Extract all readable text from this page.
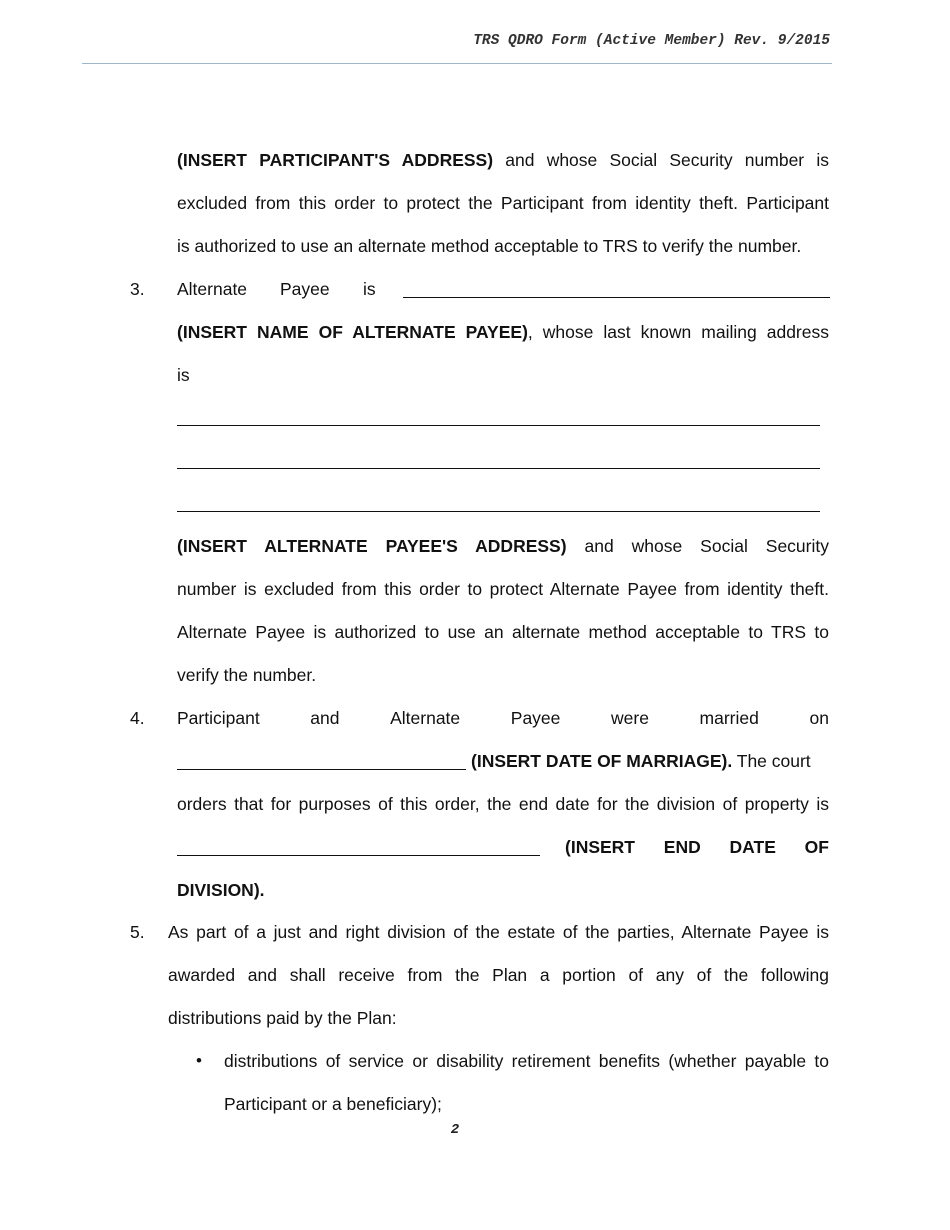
TRS QDRO Form (Active Member) Rev. 9/2015
(INSERT PARTICIPANT'S ADDRESS) and whose Social Security number is
excluded from this order to protect the Participant from identity theft. Participant
is authorized to use an alternate method acceptable to TRS to verify the number.
3. Alternate Payee is
(INSERT NAME OF ALTERNATE PAYEE), whose last known mailing address
is
(INSERT ALTERNATE PAYEE'S ADDRESS) and whose Social Security
number is excluded from this order to protect Alternate Payee from identity theft.
Alternate Payee is authorized to use an alternate method acceptable to TRS to
verify the number.
4. Participant	and	Alternate	Payee	were	married	on
(INSERT DATE OF MARRIAGE). The court
orders that for purposes of this order, the end date for the division of property is
(INSERT END DATE OF
DIVISION).
5. As part of a just and right division of the estate of the parties, Alternate Payee is
awarded and shall receive from the Plan a portion of any of the following
distributions paid by the Plan:
• distributions of service or disability retirement benefits (whether payable to
Participant or a beneficiary);
2
